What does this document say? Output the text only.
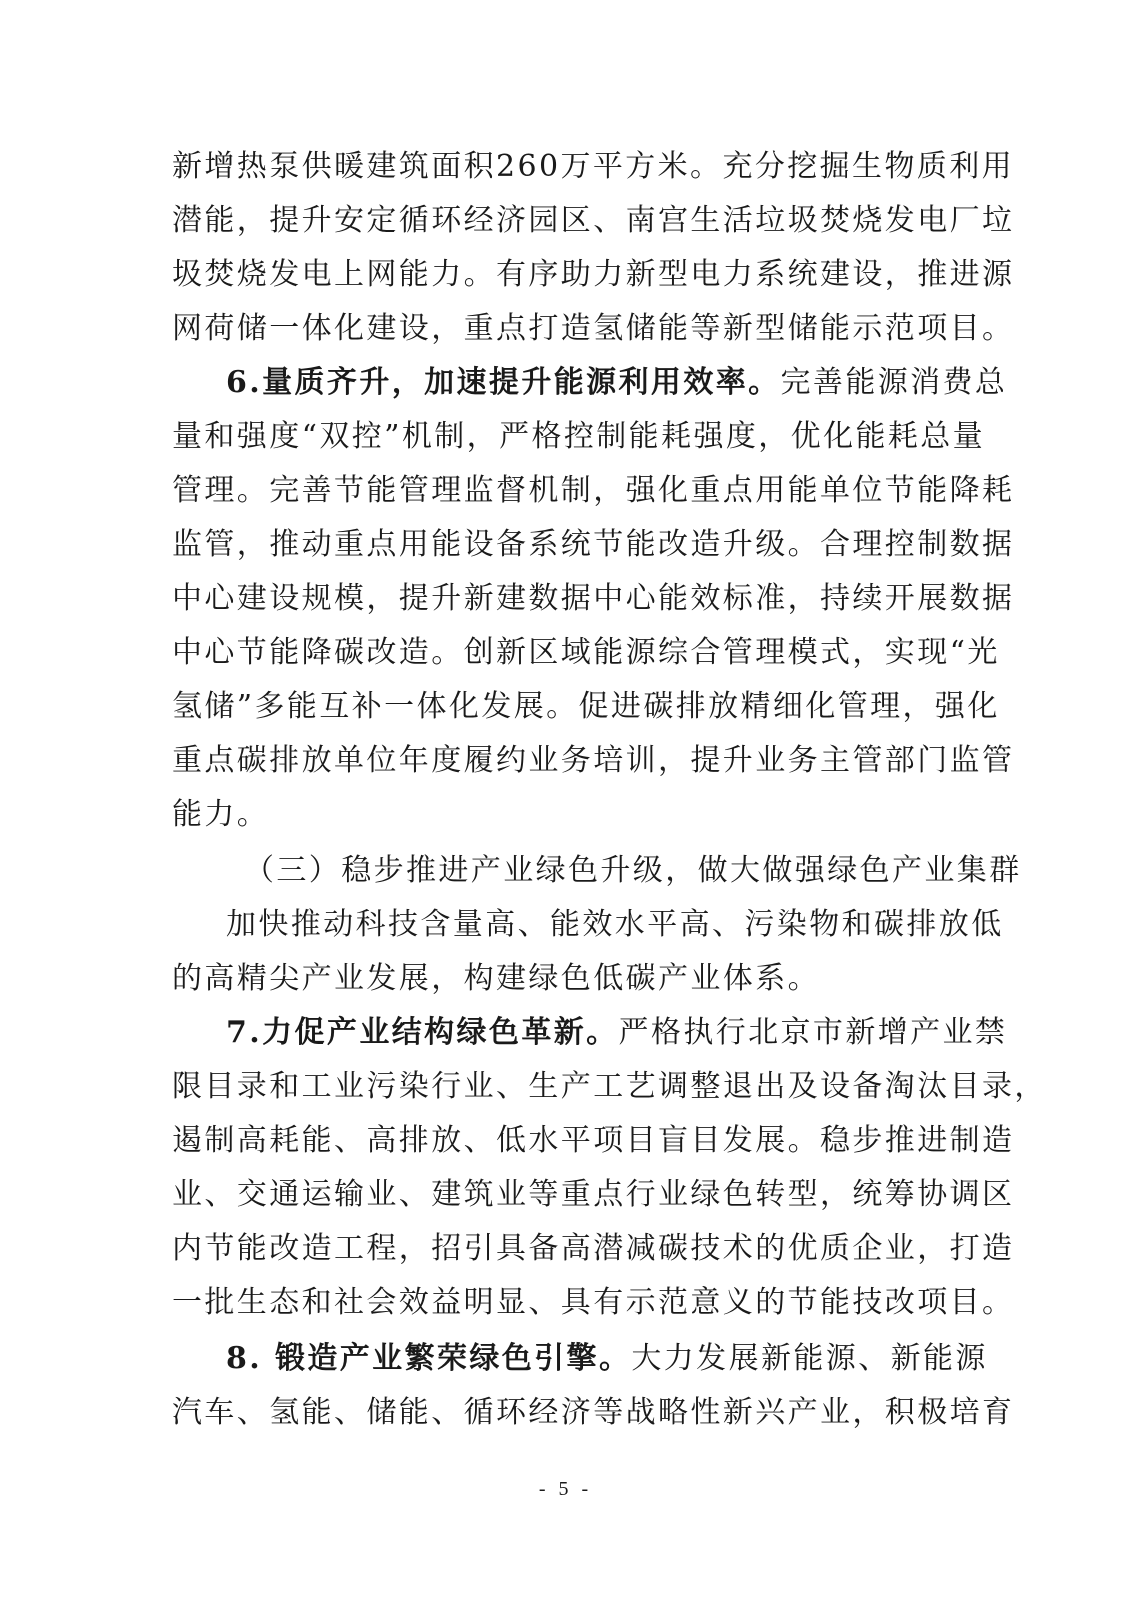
新增热泵供暖建筑面积260万平方米。充分挖掘生物质利用
潜能，提升安定循环经济园区、南宫生活垃圾焚烧发电厂垃
圾焚烧发电上网能力。有序助力新型电力系统建设，推进源
网荷储一体化建设，重点打造氢储能等新型储能示范项目。
6.量质齐升，加速提升能源利用效率。完善能源消费总
量和强度“双控”机制，严格控制能耗强度，优化能耗总量
管理。完善节能管理监督机制，强化重点用能单位节能降耗
监管，推动重点用能设备系统节能改造升级。合理控制数据
中心建设规模，提升新建数据中心能效标准，持续开展数据
中心节能降碳改造。创新区域能源综合管理模式，实现“光
氢储”多能互补一体化发展。促进碳排放精细化管理，强化
重点碳排放单位年度履约业务培训，提升业务主管部门监管
能力。
（三）稳步推进产业绿色升级，做大做强绿色产业集群
加快推动科技含量高、能效水平高、污染物和碳排放低
的高精尖产业发展，构建绿色低碳产业体系。
7.力促产业结构绿色革新。严格执行北京市新增产业禁
限目录和工业污染行业、生产工艺调整退出及设备淘汰目录，
遏制高耗能、高排放、低水平项目盲目发展。稳步推进制造
业、交通运输业、建筑业等重点行业绿色转型，统筹协调区
内节能改造工程，招引具备高潜减碳技术的优质企业，打造
一批生态和社会效益明显、具有示范意义的节能技改项目。
8. 锻造产业繁荣绿色引擎。大力发展新能源、新能源
汽车、氢能、储能、循环经济等战略性新兴产业，积极培育
- 5 -
